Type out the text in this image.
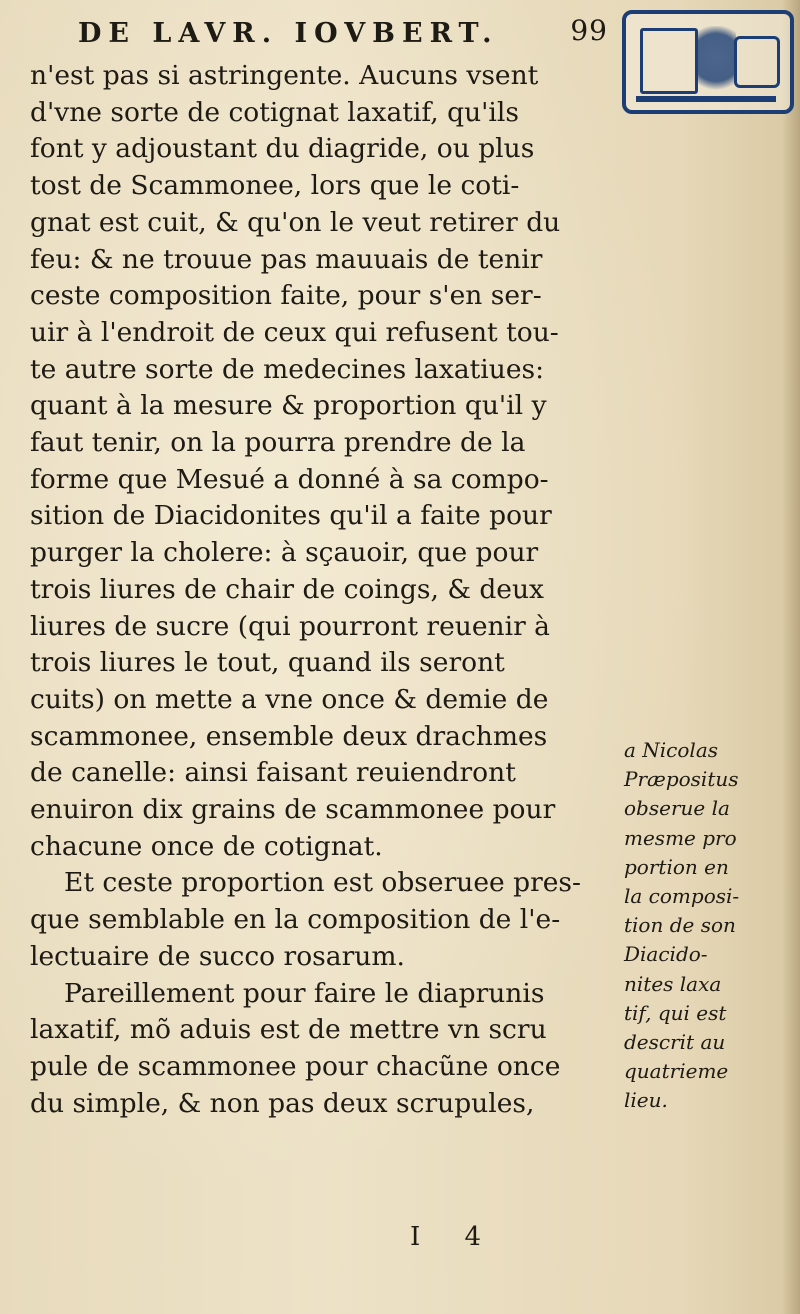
DE LAVR. IOVBERT.	99
n'est pas si astringente. Aucuns vsent
d'vne sorte de cotignat laxatif, qu'ils
font y adjoustant du diagride, ou plus
tost de Scammonee, lors que le coti-
gnat est cuit, & qu'on le veut retirer du
feu: & ne trouue pas mauuais de tenir
ceste composition faite, pour s'en ser-
uir à l'endroit de ceux qui refusent tou-
te autre sorte de medecines laxatiues:
quant à la mesure & proportion qu'il y
faut tenir, on la pourra prendre de la
forme que Mesué a donné à sa compo-
sition de Diacidonites qu'il a faite pour
purger la cholere: à sçauoir, que pour
trois liures de chair de coings, & deux
liures de sucre (qui pourront reuenir à
trois liures le tout, quand ils seront
cuits) on mette a vne once & demie de
scammonee, ensemble deux drachmes
de canelle: ainsi faisant reuiendront
enuiron dix grains de scammonee pour
chacune once de cotignat.
Et ceste proportion est obseruee pres-
que semblable en la composition de l'e-
lectuaire de succo rosarum.
Pareillement pour faire le diaprunis
laxatif, mõ aduis est de mettre vn scru
pule de scammonee pour chacũne once
du simple, & non pas deux scrupules,
a Nicolas
Præpositus
obserue la
mesme pro
portion en
la composi-
tion de son
Diacido-
nites laxa
tif, qui est
descrit au
quatrieme
lieu.
I 4
